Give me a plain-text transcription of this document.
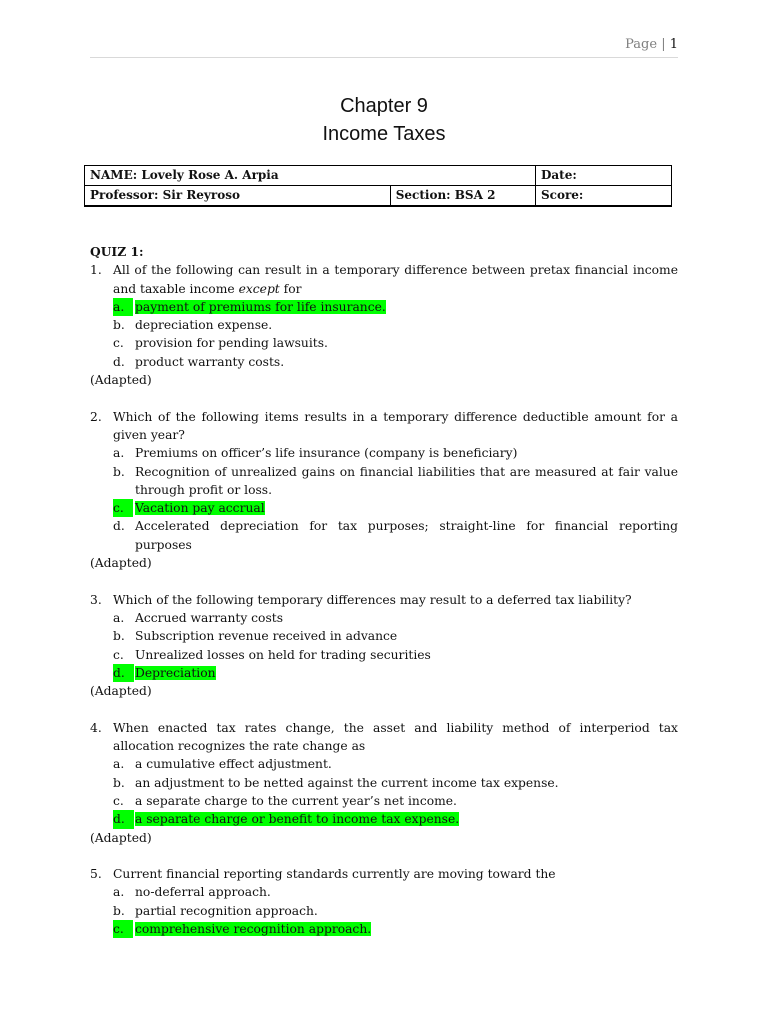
Page | 1
Chapter 9
Income Taxes
NAME: Lovely Rose A. Arpia		Date:
Professor: Sir Reyroso	Section: BSA 2	Score:
QUIZ 1:
1. All of the following can result in a temporary difference between pretax financial income and taxable income except for
a. payment of premiums for life insurance.
b. depreciation expense.
c. provision for pending lawsuits.
d. product warranty costs.
(Adapted)
2. Which of the following items results in a temporary difference deductible amount for a given year?
a. Premiums on officer’s life insurance (company is beneficiary)
b. Recognition of unrealized gains on financial liabilities that are measured at fair value through profit or loss.
c. Vacation pay accrual
d. Accelerated depreciation for tax purposes; straight-line for financial reporting purposes
(Adapted)
3. Which of the following temporary differences may result to a deferred tax liability?
a. Accrued warranty costs
b. Subscription revenue received in advance
c. Unrealized losses on held for trading securities
d. Depreciation
(Adapted)
4. When enacted tax rates change, the asset and liability method of interperiod tax allocation recognizes the rate change as
a. a cumulative effect adjustment.
b. an adjustment to be netted against the current income tax expense.
c. a separate charge to the current year’s net income.
d. a separate charge or benefit to income tax expense.
(Adapted)
5. Current financial reporting standards currently are moving toward the
a. no-deferral approach.
b. partial recognition approach.
c. comprehensive recognition approach.
